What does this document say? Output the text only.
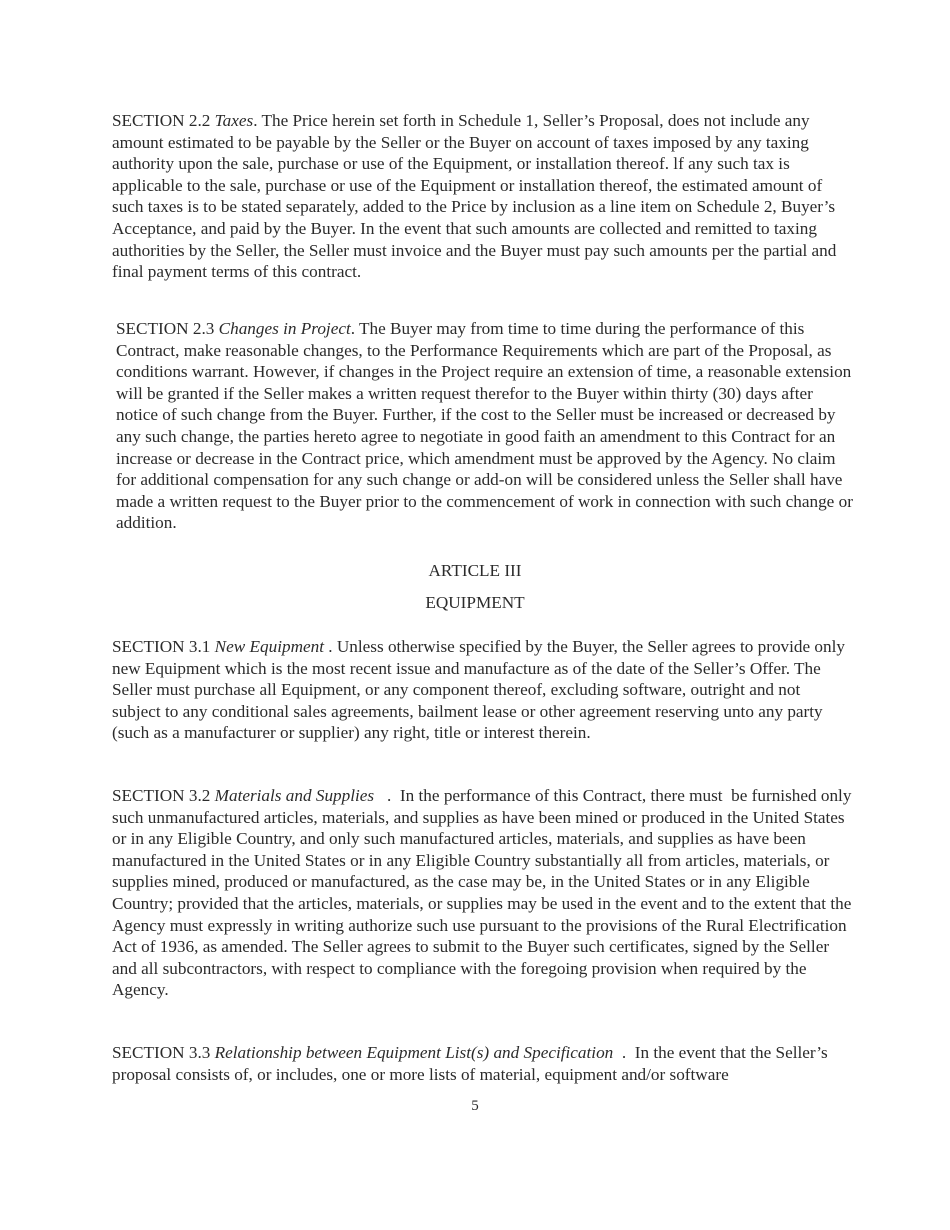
SECTION 2.2 Taxes. The Price herein set forth in Schedule 1, Seller’s Proposal, does not include any amount estimated to be payable by the Seller or the Buyer on account of taxes imposed by any taxing authority upon the sale, purchase or use of the Equipment, or installation thereof. lf any such tax is applicable to the sale, purchase or use of the Equipment or installation thereof, the estimated amount of such taxes is to be stated separately, added to the Price by inclusion as a line item on Schedule 2, Buyer’s Acceptance, and paid by the Buyer. In the event that such amounts are collected and remitted to taxing authorities by the Seller, the Seller must invoice and the Buyer must pay such amounts per the partial and final payment terms of this contract.

SECTION 2.3 Changes in Project. The Buyer may from time to time during the performance of this Contract, make reasonable changes, to the Performance Requirements which are part of the Proposal, as conditions warrant. However, if changes in the Project require an extension of time, a reasonable extension will be granted if the Seller makes a written request therefor to the Buyer within thirty (30) days after notice of such change from the Buyer. Further, if the cost to the Seller must be increased or decreased by any such change, the parties hereto agree to negotiate in good faith an amendment to this Contract for an increase or decrease in the Contract price, which amendment must be approved by the Agency. No claim for additional compensation for any such change or add-on will be considered unless the Seller shall have made a written request to the Buyer prior to the commencement of work in connection with such change or addition.

ARTICLE III

EQUIPMENT

SECTION 3.1 New Equipment . Unless otherwise specified by the Buyer, the Seller agrees to provide only new Equipment which is the most recent issue and manufacture as of the date of the Seller’s Offer. The Seller must purchase all Equipment, or any component thereof, excluding software, outright and not subject to any conditional sales agreements, bailment lease or other agreement reserving unto any party (such as a manufacturer or supplier) any right, title or interest therein.

SECTION 3.2 Materials and Supplies   .  In the performance of this Contract, there must  be furnished only such unmanufactured articles, materials, and supplies as have been mined or produced in the United States or in any Eligible Country, and only such manufactured articles, materials, and supplies as have been manufactured in the United States or in any Eligible Country substantially all from articles, materials, or supplies mined, produced or manufactured, as the case may be, in the United States or in any Eligible Country; provided that the articles, materials, or supplies may be used in the event and to the extent that the Agency must expressly in writing authorize such use pursuant to the provisions of the Rural Electrification Act of 1936, as amended. The Seller agrees to submit to the Buyer such certificates, signed by the Seller and all subcontractors, with respect to compliance with the foregoing provision when required by the Agency.

SECTION 3.3 Relationship between Equipment List(s) and Specification  .  In the event that the Seller’s proposal consists of, or includes, one or more lists of material, equipment and/or software

5
